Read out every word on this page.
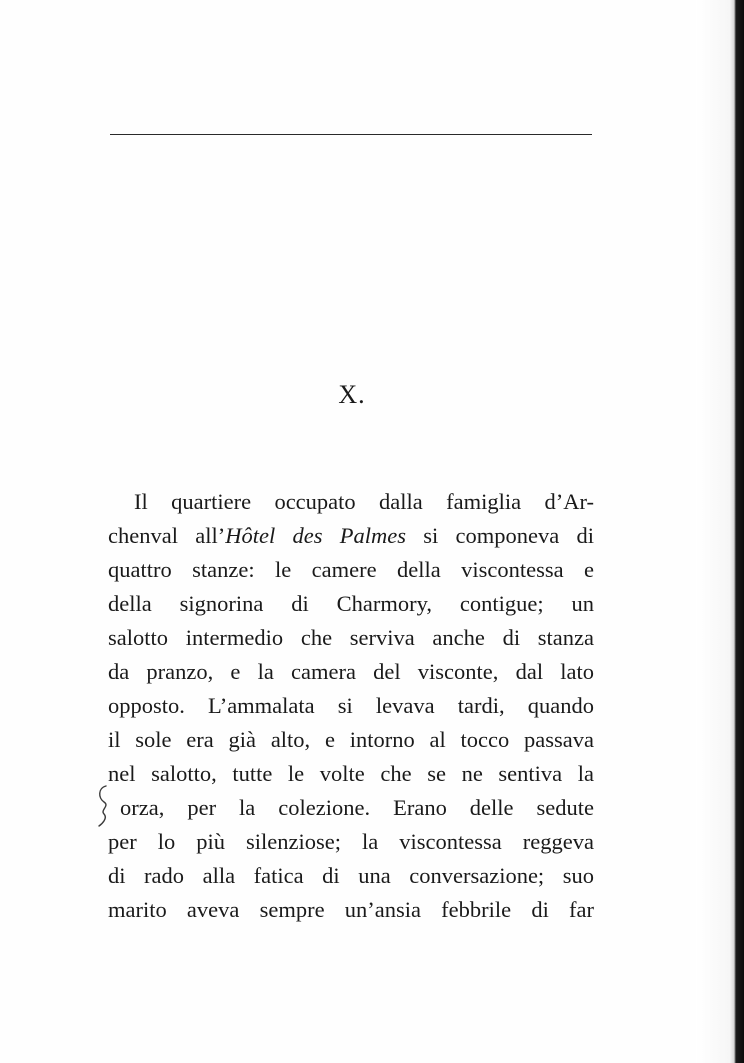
X.
Il quartiere occupato dalla famiglia d’Ar-
chenval all’Hôtel des Palmes si componeva di
quattro stanze: le camere della viscontessa e
della signorina di Charmory, contigue; un
salotto intermedio che serviva anche di stanza
da pranzo, e la camera del visconte, dal lato
opposto. L’ammalata si levava tardi, quando
il sole era già alto, e intorno al tocco passava
nel salotto, tutte le volte che se ne sentiva la
orza, per la colezione. Erano delle sedute
per lo più silenziose; la viscontessa reggeva
di rado alla fatica di una conversazione; suo
marito aveva sempre un’ansia febbrile di far
